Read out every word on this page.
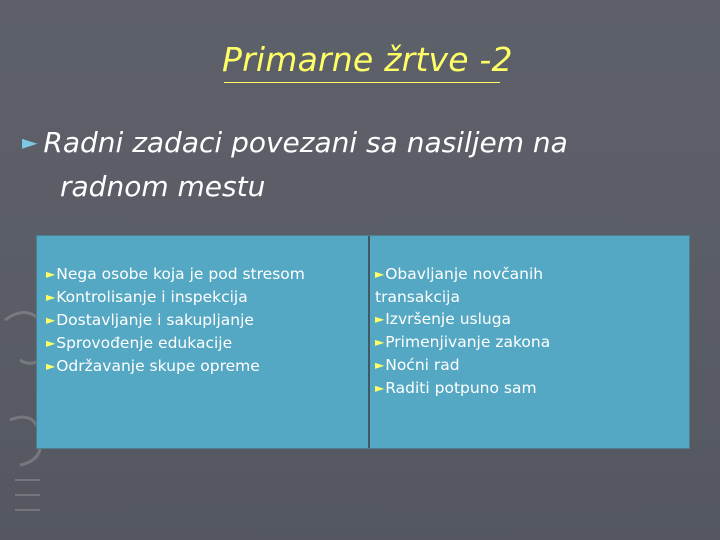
Primarne žrtve -2
► Radni zadaci povezani sa nasiljem na
radnom mestu
►Nega osobe koja je pod stresom
►Kontrolisanje i inspekcija
►Dostavljanje i sakupljanje
►Sprovođenje edukacije
►Održavanje skupe opreme
►Obavljanje novčanih
transakcija
►Izvršenje usluga
►Primenjivanje zakona
►Noćni rad
►Raditi potpuno sam
